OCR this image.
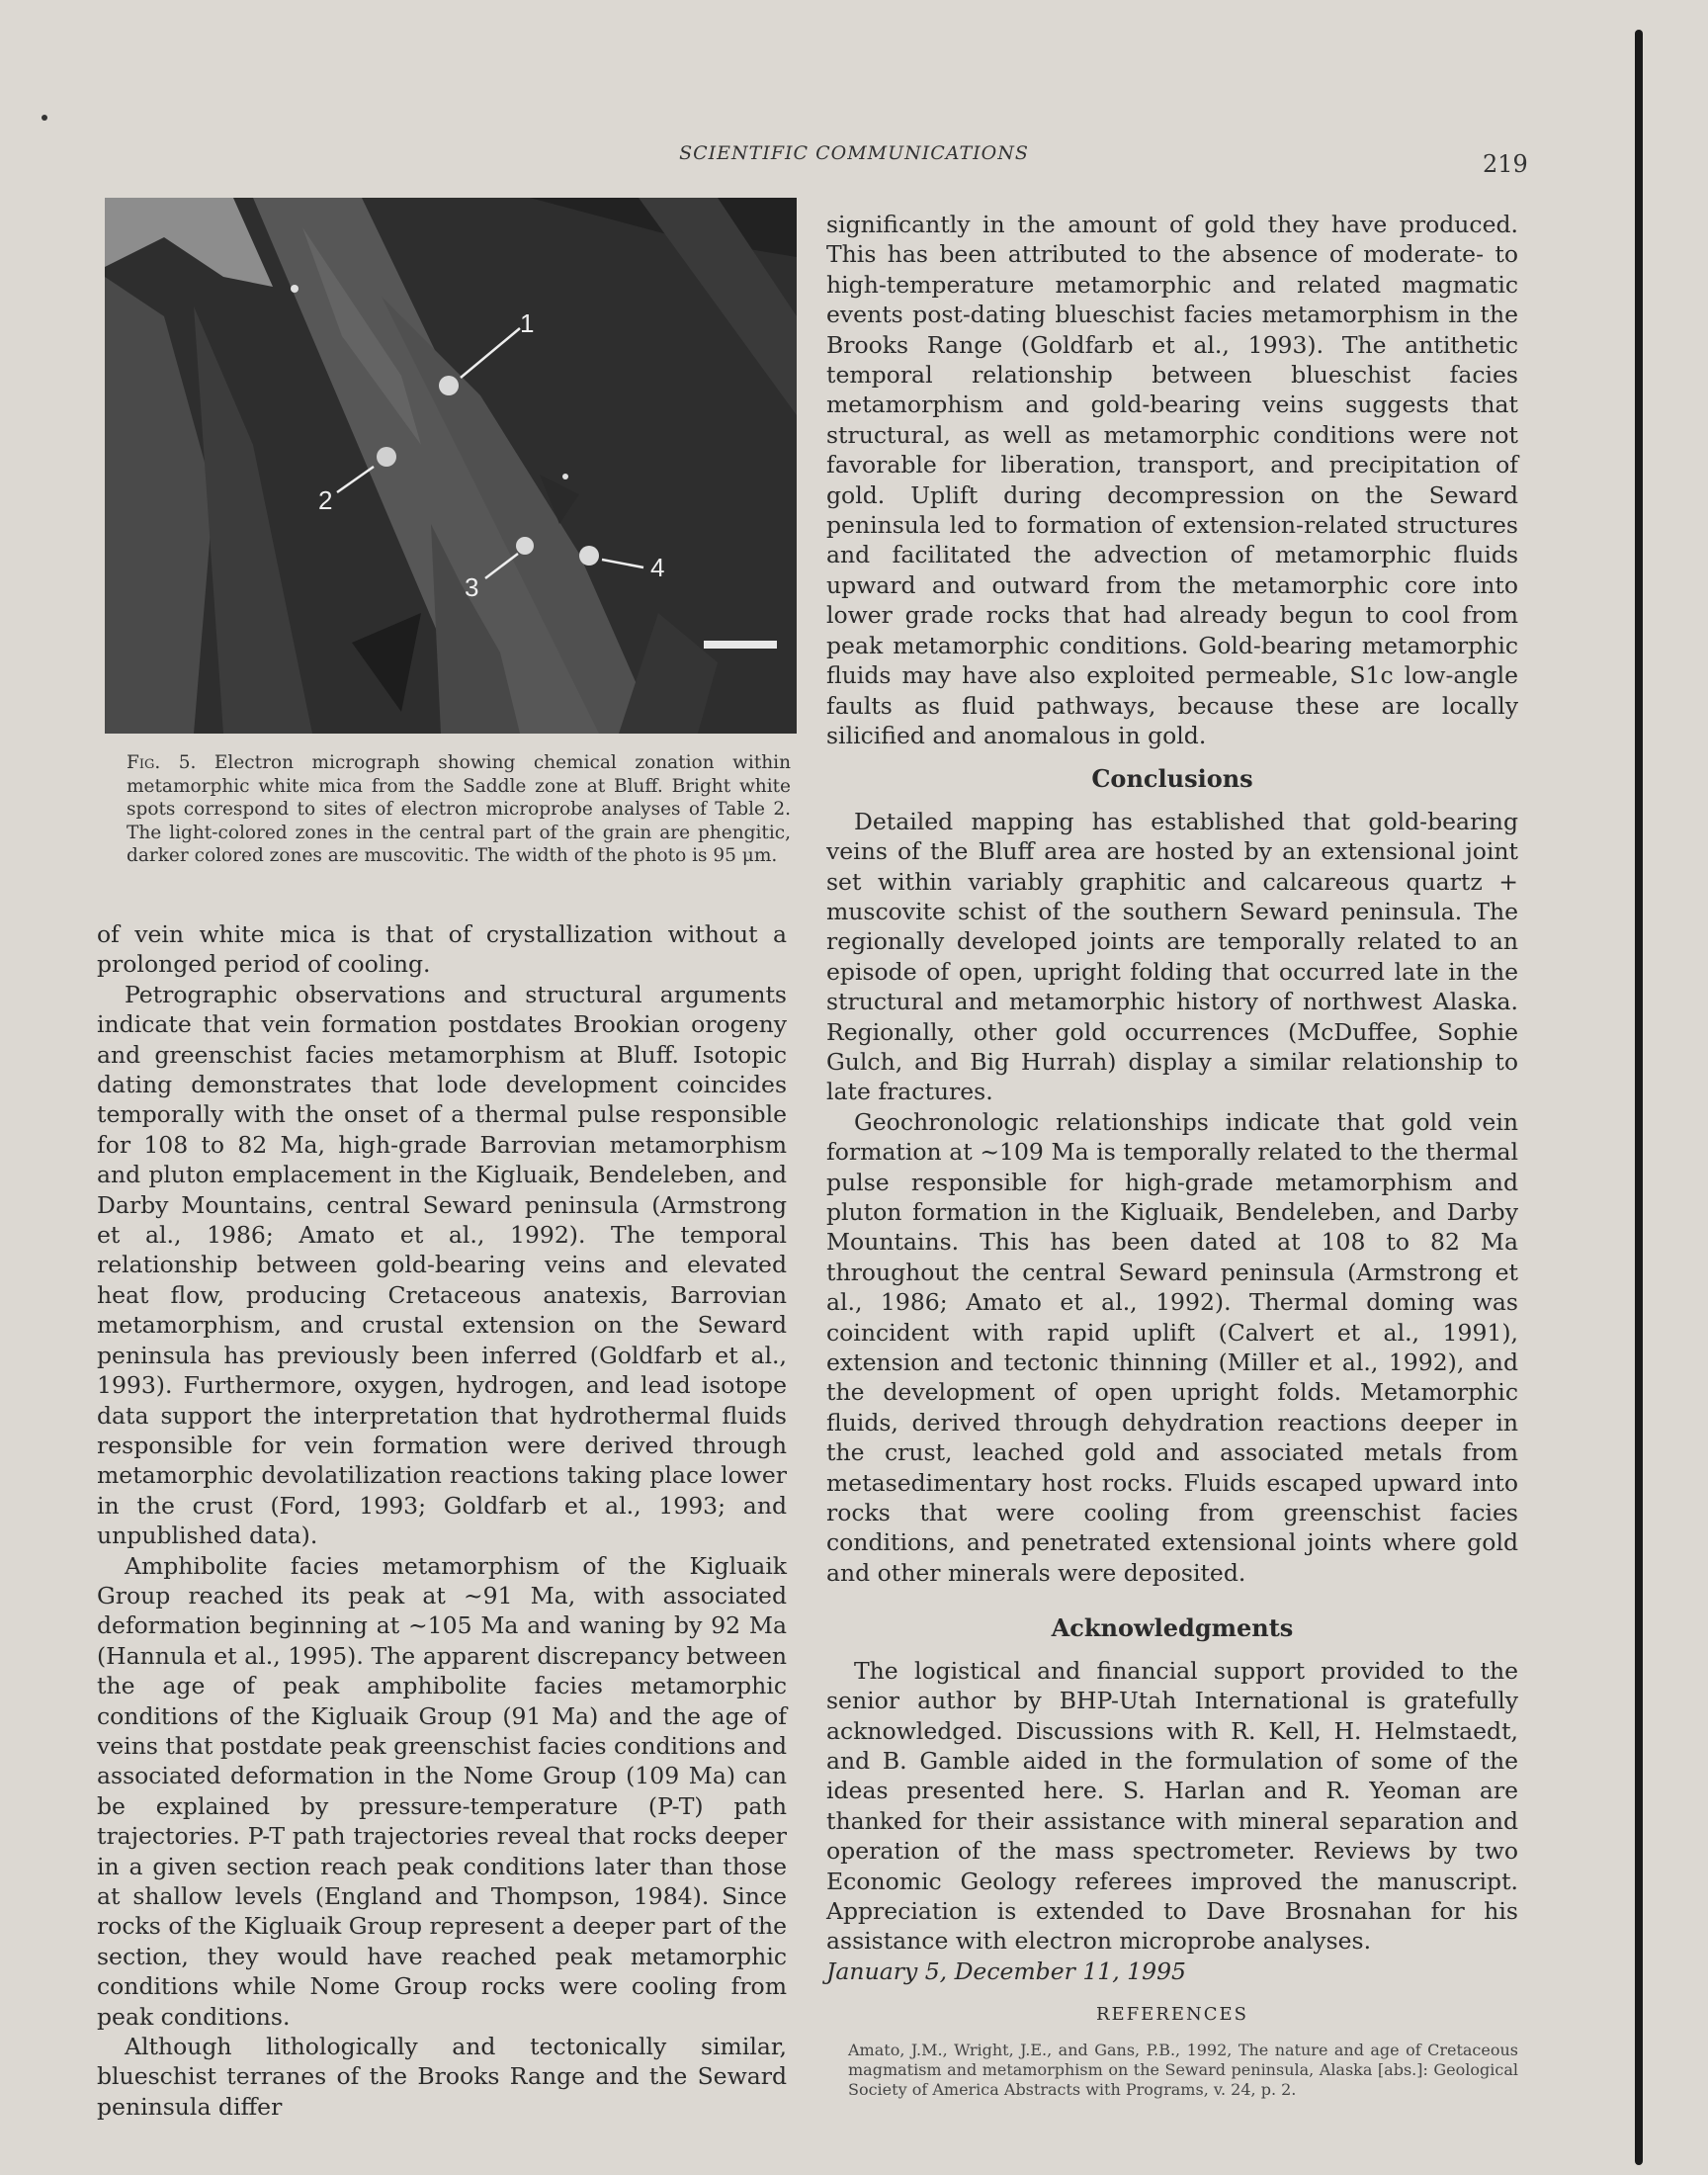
SCIENTIFIC COMMUNICATIONS	219
1
2
3
4
Fig. 5. Electron micrograph showing chemical zonation within metamorphic white mica from the Saddle zone at Bluff. Bright white spots correspond to sites of electron microprobe analyses of Table 2. The light-colored zones in the central part of the grain are phengitic, darker colored zones are muscovitic. The width of the photo is 95 μm.

of vein white mica is that of crystallization without a prolonged period of cooling.

Petrographic observations and structural arguments indicate that vein formation postdates Brookian orogeny and greenschist facies metamorphism at Bluff. Isotopic dating demonstrates that lode development coincides temporally with the onset of a thermal pulse responsible for 108 to 82 Ma, high-grade Barrovian metamorphism and pluton emplacement in the Kigluaik, Bendeleben, and Darby Mountains, central Seward peninsula (Armstrong et al., 1986; Amato et al., 1992). The temporal relationship between gold-bearing veins and elevated heat flow, producing Cretaceous anatexis, Barrovian metamorphism, and crustal extension on the Seward peninsula has previously been inferred (Goldfarb et al., 1993). Furthermore, oxygen, hydrogen, and lead isotope data support the interpretation that hydrothermal fluids responsible for vein formation were derived through metamorphic devolatilization reactions taking place lower in the crust (Ford, 1993; Goldfarb et al., 1993; and unpublished data).

Amphibolite facies metamorphism of the Kigluaik Group reached its peak at ~91 Ma, with associated deformation beginning at ~105 Ma and waning by 92 Ma (Hannula et al., 1995). The apparent discrepancy between the age of peak amphibolite facies metamorphic conditions of the Kigluaik Group (91 Ma) and the age of veins that postdate peak greenschist facies conditions and associated deformation in the Nome Group (109 Ma) can be explained by pressure-temperature (P-T) path trajectories. P-T path trajectories reveal that rocks deeper in a given section reach peak conditions later than those at shallow levels (England and Thompson, 1984). Since rocks of the Kigluaik Group represent a deeper part of the section, they would have reached peak metamorphic conditions while Nome Group rocks were cooling from peak conditions.

Although lithologically and tectonically similar, blueschist terranes of the Brooks Range and the Seward peninsula differ

significantly in the amount of gold they have produced. This has been attributed to the absence of moderate- to high-temperature metamorphic and related magmatic events post-dating blueschist facies metamorphism in the Brooks Range (Goldfarb et al., 1993). The antithetic temporal relationship between blueschist facies metamorphism and gold-bearing veins suggests that structural, as well as metamorphic conditions were not favorable for liberation, transport, and precipitation of gold. Uplift during decompression on the Seward peninsula led to formation of extension-related structures and facilitated the advection of metamorphic fluids upward and outward from the metamorphic core into lower grade rocks that had already begun to cool from peak metamorphic conditions. Gold-bearing metamorphic fluids may have also exploited permeable, S1c low-angle faults as fluid pathways, because these are locally silicified and anomalous in gold.

Conclusions

Detailed mapping has established that gold-bearing veins of the Bluff area are hosted by an extensional joint set within variably graphitic and calcareous quartz + muscovite schist of the southern Seward peninsula. The regionally developed joints are temporally related to an episode of open, upright folding that occurred late in the structural and metamorphic history of northwest Alaska. Regionally, other gold occurrences (McDuffee, Sophie Gulch, and Big Hurrah) display a similar relationship to late fractures.

Geochronologic relationships indicate that gold vein formation at ~109 Ma is temporally related to the thermal pulse responsible for high-grade metamorphism and pluton formation in the Kigluaik, Bendeleben, and Darby Mountains. This has been dated at 108 to 82 Ma throughout the central Seward peninsula (Armstrong et al., 1986; Amato et al., 1992). Thermal doming was coincident with rapid uplift (Calvert et al., 1991), extension and tectonic thinning (Miller et al., 1992), and the development of open upright folds. Metamorphic fluids, derived through dehydration reactions deeper in the crust, leached gold and associated metals from metasedimentary host rocks. Fluids escaped upward into rocks that were cooling from greenschist facies conditions, and penetrated extensional joints where gold and other minerals were deposited.

Acknowledgments

The logistical and financial support provided to the senior author by BHP-Utah International is gratefully acknowledged. Discussions with R. Kell, H. Helmstaedt, and B. Gamble aided in the formulation of some of the ideas presented here. S. Harlan and R. Yeoman are thanked for their assistance with mineral separation and operation of the mass spectrometer. Reviews by two Economic Geology referees improved the manuscript. Appreciation is extended to Dave Brosnahan for his assistance with electron microprobe analyses.

January 5, December 11, 1995

REFERENCES

Amato, J.M., Wright, J.E., and Gans, P.B., 1992, The nature and age of Cretaceous magmatism and metamorphism on the Seward peninsula, Alaska [abs.]: Geological Society of America Abstracts with Programs, v. 24, p. 2.
